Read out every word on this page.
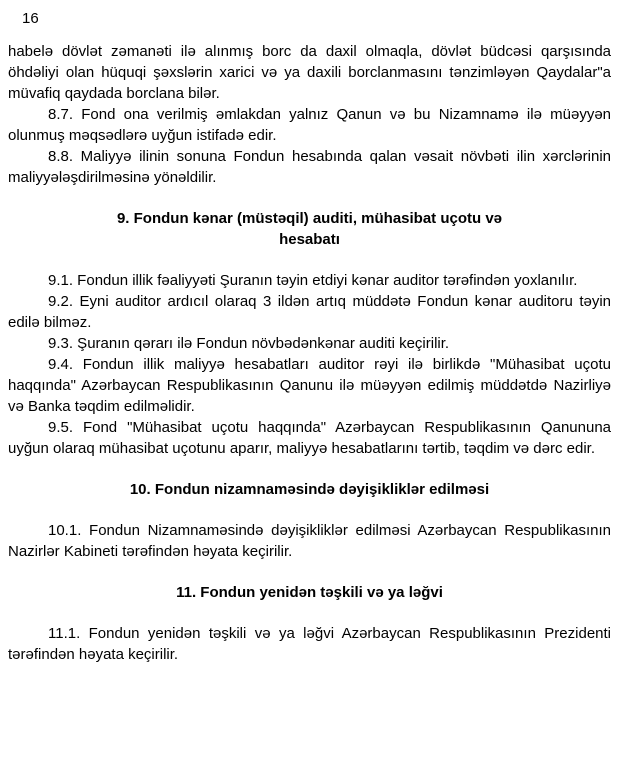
16

habelə dövlət zəmanəti ilə alınmış borc da daxil olmaqla, dövlət büdcəsi qarşısında öhdəliyi olan hüquqi şəxslərin xarici və ya daxili borclanmasını tənzimləyən Qaydalar"a müvafiq qaydada borclana bilər.

8.7. Fond ona verilmiş əmlakdan yalnız Qanun və bu Nizamnamə ilə müəyyən olunmuş məqsədlərə uyğun istifadə edir.

8.8. Maliyyə ilinin sonuna Fondun hesabında qalan vəsait növbəti ilin xərclərinin maliyyələşdirilməsinə yönəldilir.

9. Fondun kənar (müstəqil) auditi, mühasibat uçotu və hesabatı

9.1. Fondun illik fəaliyyəti Şuranın təyin etdiyi kənar auditor tərəfindən yoxlanılır.

9.2. Eyni auditor ardıcıl olaraq 3 ildən artıq müddətə Fondun kənar auditoru təyin edilə bilməz.

9.3. Şuranın qərarı ilə Fondun növbədənkənar auditi keçirilir.

9.4. Fondun illik maliyyə hesabatları auditor rəyi ilə birlikdə "Mühasibat uçotu haqqında" Azərbaycan Respublikasının Qanunu ilə müəyyən edilmiş müddətdə Nazirliyə və Banka təqdim edilməlidir.

9.5. Fond "Mühasibat uçotu haqqında" Azərbaycan Respublikasının Qanununa uyğun olaraq mühasibat uçotunu aparır, maliyyə hesabatlarını tərtib, təqdim və dərc edir.

10. Fondun nizamnaməsində dəyişikliklər edilməsi

10.1. Fondun Nizamnaməsində dəyişikliklər edilməsi Azərbaycan Respublikasının Nazirlər Kabineti tərəfindən həyata keçirilir.

11. Fondun yenidən təşkili və ya ləğvi

11.1. Fondun yenidən təşkili və ya ləğvi Azərbaycan Respublikasının Prezidenti tərəfindən həyata keçirilir.
